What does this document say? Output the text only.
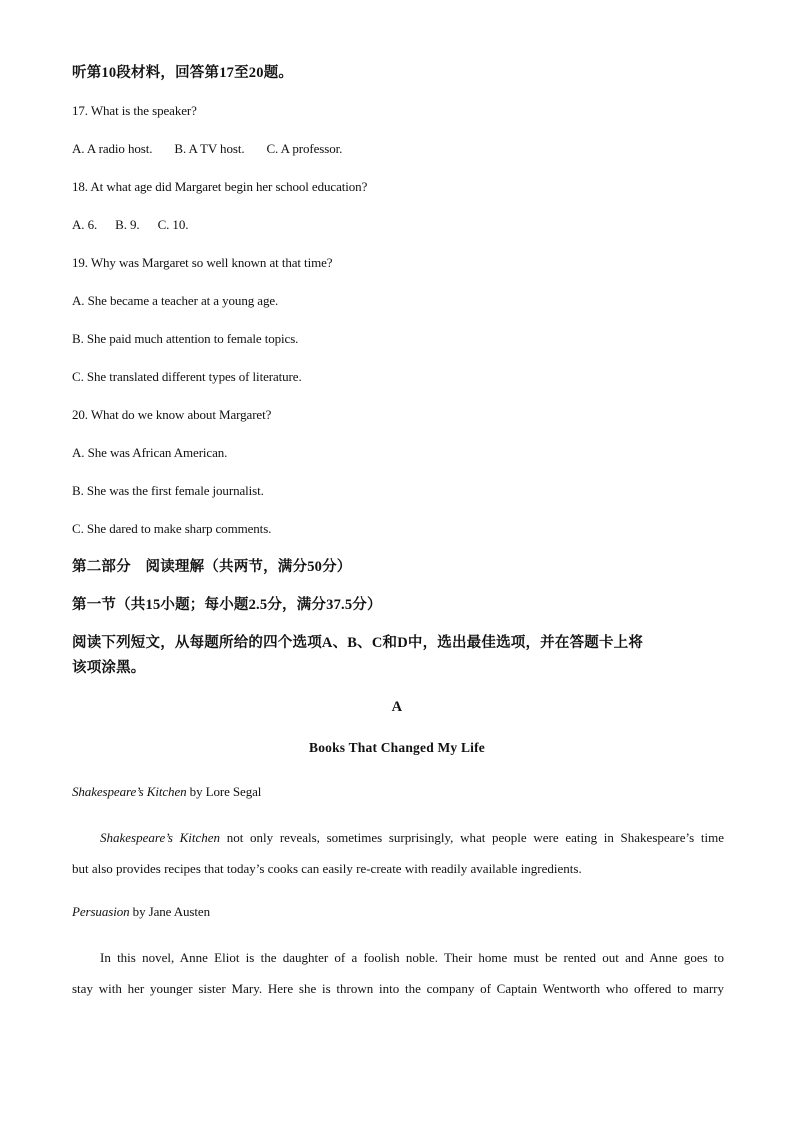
听第10段材料，回答第17至20题。
17. What is the speaker?
A. A radio host. B. A TV host. C. A professor.
18. At what age did Margaret begin her school education?
A. 6. B. 9. C. 10.
19. Why was Margaret so well known at that time?
A. She became a teacher at a young age.
B. She paid much attention to female topics.
C. She translated different types of literature.
20. What do we know about Margaret?
A. She was African American.
B. She was the first female journalist.
C. She dared to make sharp comments.
第二部分　阅读理解（共两节，满分50分）
第一节（共15小题；每小题2.5分，满分37.5分）
阅读下列短文，从每题所给的四个选项A、B、C和D中，选出最佳选项，并在答题卡上将
该项涂黑。
A
Books That Changed My Life
Shakespeare’s Kitchen by Lore Segal
Shakespeare’s Kitchen not only reveals, sometimes surprisingly, what people were eating in Shakespeare’s time
but also provides recipes that today’s cooks can easily re-create with readily available ingredients.
Persuasion by Jane Austen
In this novel, Anne Eliot is the daughter of a foolish noble. Their home must be rented out and Anne goes to
stay with her younger sister Mary. Here she is thrown into the company of Captain Wentworth who offered to marry
